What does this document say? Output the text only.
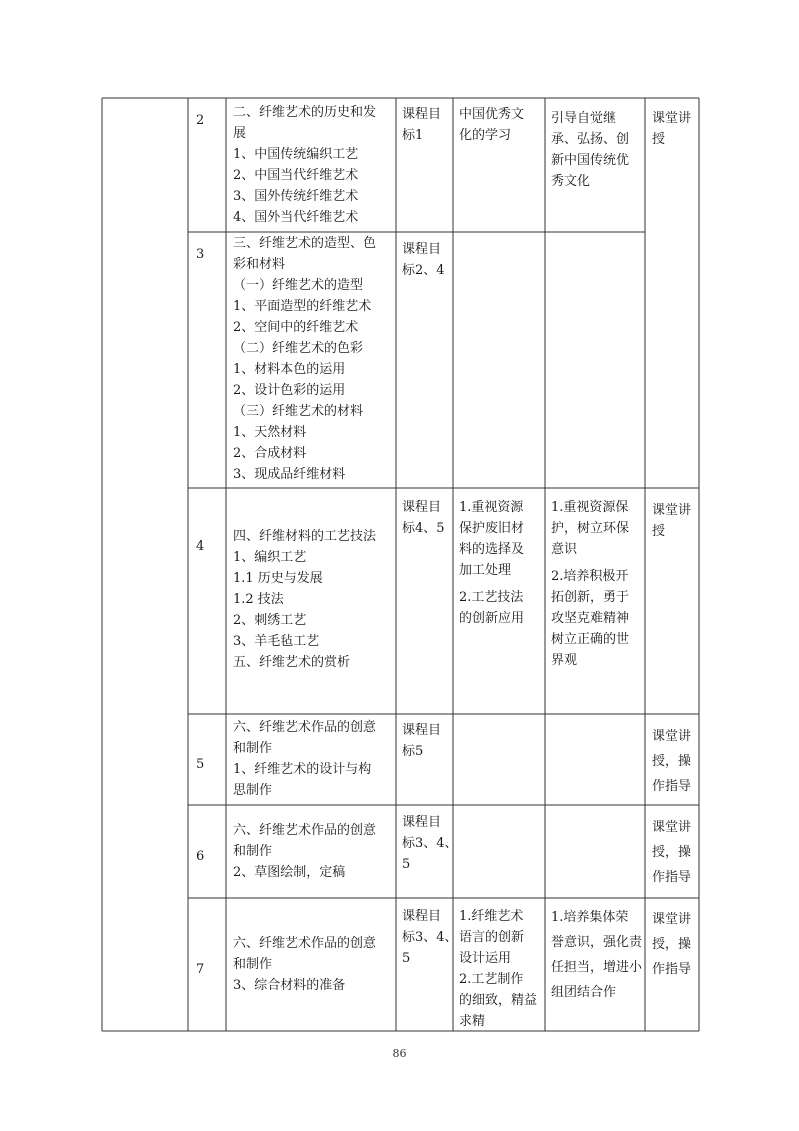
2
二、纤维艺术的历史和发
展
1、中国传统编织工艺
2、中国当代纤维艺术
3、国外传统纤维艺术
4、国外当代纤维艺术
课程目
标1
中国优秀文
化的学习
引导自觉继
承、弘扬、创
新中国传统优
秀文化
课堂讲
授
3
三、纤维艺术的造型、色
彩和材料
（一）纤维艺术的造型
1、平面造型的纤维艺术
2、空间中的纤维艺术
（二）纤维艺术的色彩
1、材料本色的运用
2、设计色彩的运用
（三）纤维艺术的材料
1、天然材料
2、合成材料
3、现成品纤维材料
课程目
标2、4
4
四、纤维材料的工艺技法
1、编织工艺
1.1 历史与发展
1.2 技法
2、刺绣工艺
3、羊毛毡工艺
五、纤维艺术的赏析
课程目
标4、5
1.重视资源
保护废旧材
料的选择及
加工处理
2.工艺技法
的创新应用
1.重视资源保
护，树立环保
意识
2.培养积极开
拓创新，勇于
攻坚克难精神
树立正确的世
界观
课堂讲
授
5
六、纤维艺术作品的创意
和制作
1、纤维艺术的设计与构
思制作
课程目
标5
课堂讲
授，操
作指导
6
六、纤维艺术作品的创意
和制作
2、草图绘制，定稿
课程目
标3、4、
5
课堂讲
授，操
作指导
7
六、纤维艺术作品的创意
和制作
3、综合材料的准备
课程目
标3、4、
5
1.纤维艺术
语言的创新
设计运用
2.工艺制作
的细致，精益
求精
1.培养集体荣
誉意识，强化责
任担当，增进小
组团结合作
课堂讲
授，操
作指导
86
